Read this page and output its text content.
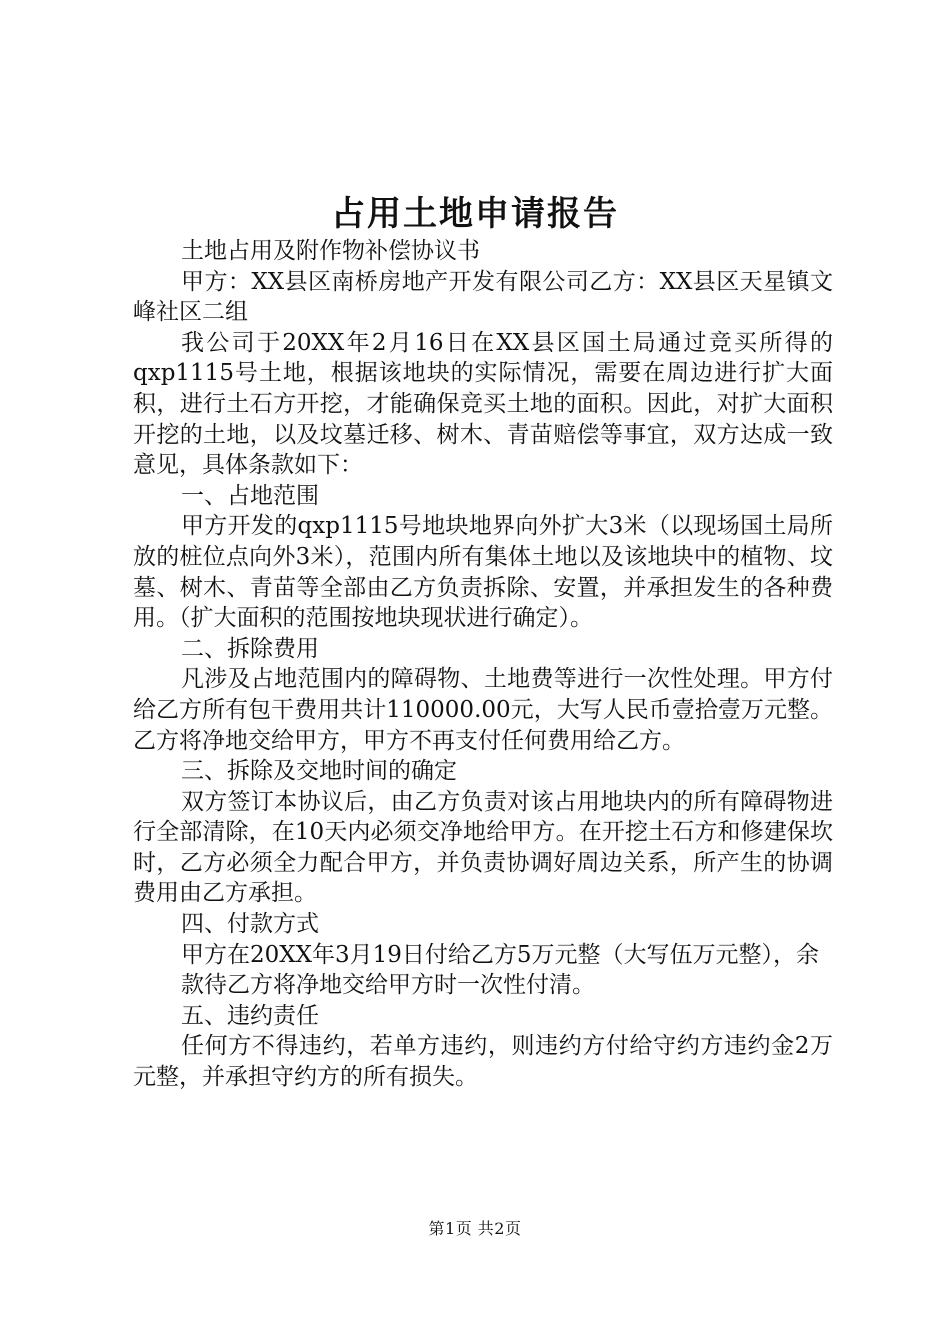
占用土地申请报告

土地占用及附作物补偿协议书

甲方：XX县区南桥房地产开发有限公司乙方：XX县区天星镇文峰社区二组

我公司于20XX年2月16日在XX县区国土局通过竞买所得的qxp1115号土地，根据该地块的实际情况，需要在周边进行扩大面积，进行土石方开挖，才能确保竞买土地的面积。因此，对扩大面积开挖的土地，以及坟墓迁移、树木、青苗赔偿等事宜，双方达成一致意见，具体条款如下：

一、占地范围

甲方开发的qxp1115号地块地界向外扩大3米（以现场国土局所放的桩位点向外3米），范围内所有集体土地以及该地块中的植物、坟墓、树木、青苗等全部由乙方负责拆除、安置，并承担发生的各种费用。（扩大面积的范围按地块现状进行确定）。

二、拆除费用

凡涉及占地范围内的障碍物、土地费等进行一次性处理。甲方付给乙方所有包干费用共计110000.00元，大写人民币壹拾壹万元整。乙方将净地交给甲方，甲方不再支付任何费用给乙方。

三、拆除及交地时间的确定

双方签订本协议后，由乙方负责对该占用地块内的所有障碍物进行全部清除，在10天内必须交净地给甲方。在开挖土石方和修建保坎时，乙方必须全力配合甲方，并负责协调好周边关系，所产生的协调费用由乙方承担。

四、付款方式

甲方在20XX年3月19日付给乙方5万元整（大写伍万元整），余

款待乙方将净地交给甲方时一次性付清。

五、违约责任

任何方不得违约，若单方违约，则违约方付给守约方违约金2万元整，并承担守约方的所有损失。

第1页 共2页
